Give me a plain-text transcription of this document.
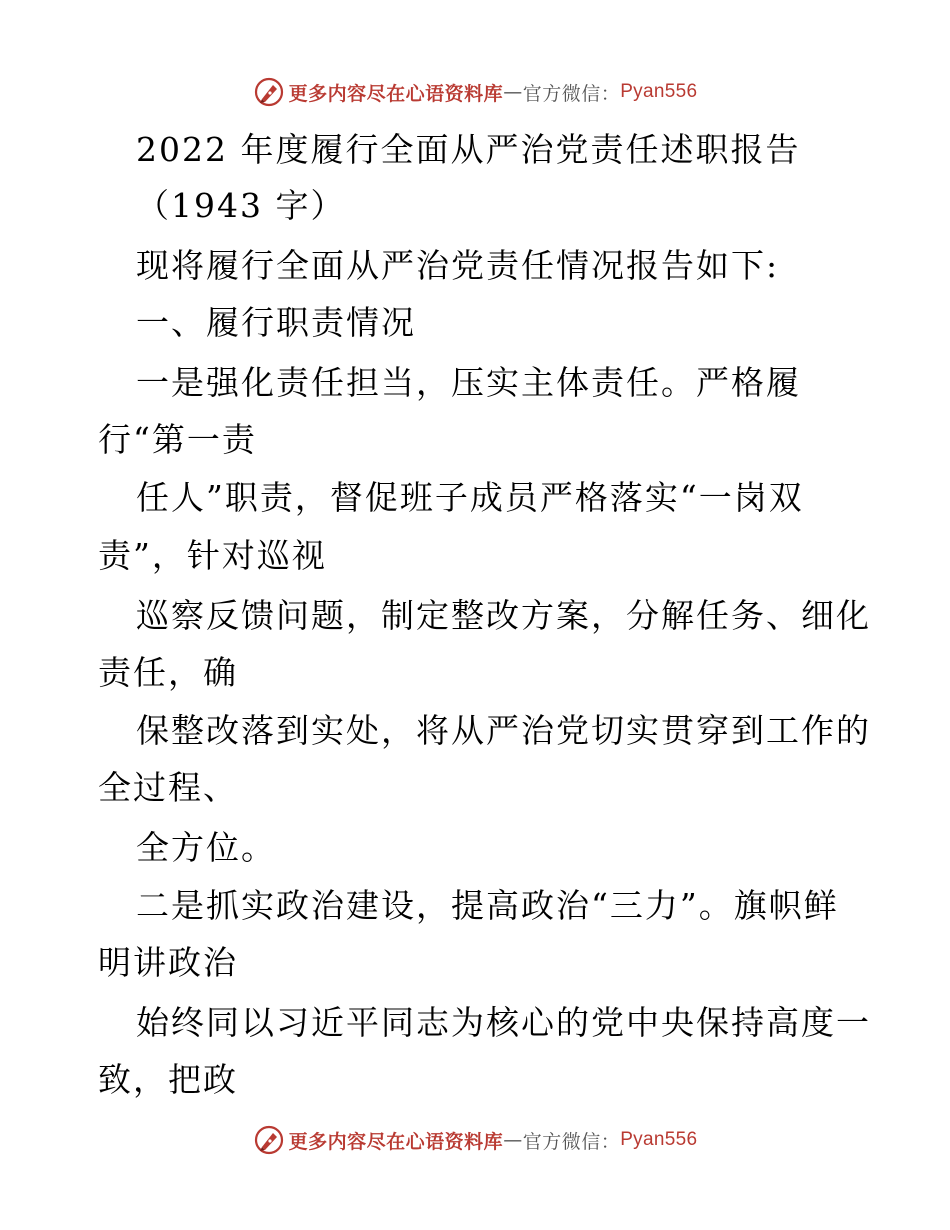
更多内容尽在心语资料库 — 官方微信： Pyan556
2022 年度履行全面从严治党责任述职报告
（1943 字）
现将履行全面从严治党责任情况报告如下:
一、履行职责情况
一是强化责任担当，压实主体责任。严格履
行“第一责
任人”职责，督促班子成员严格落实“一岗双
责”，针对巡视
巡察反馈问题，制定整改方案，分解任务、细化
责任，确
保整改落到实处，将从严治党切实贯穿到工作的
全过程、
全方位。
二是抓实政治建设，提高政治“三力”。旗帜鲜
明讲政治
始终同以习近平同志为核心的党中央保持高度一
致，把政
更多内容尽在心语资料库 — 官方微信： Pyan556
